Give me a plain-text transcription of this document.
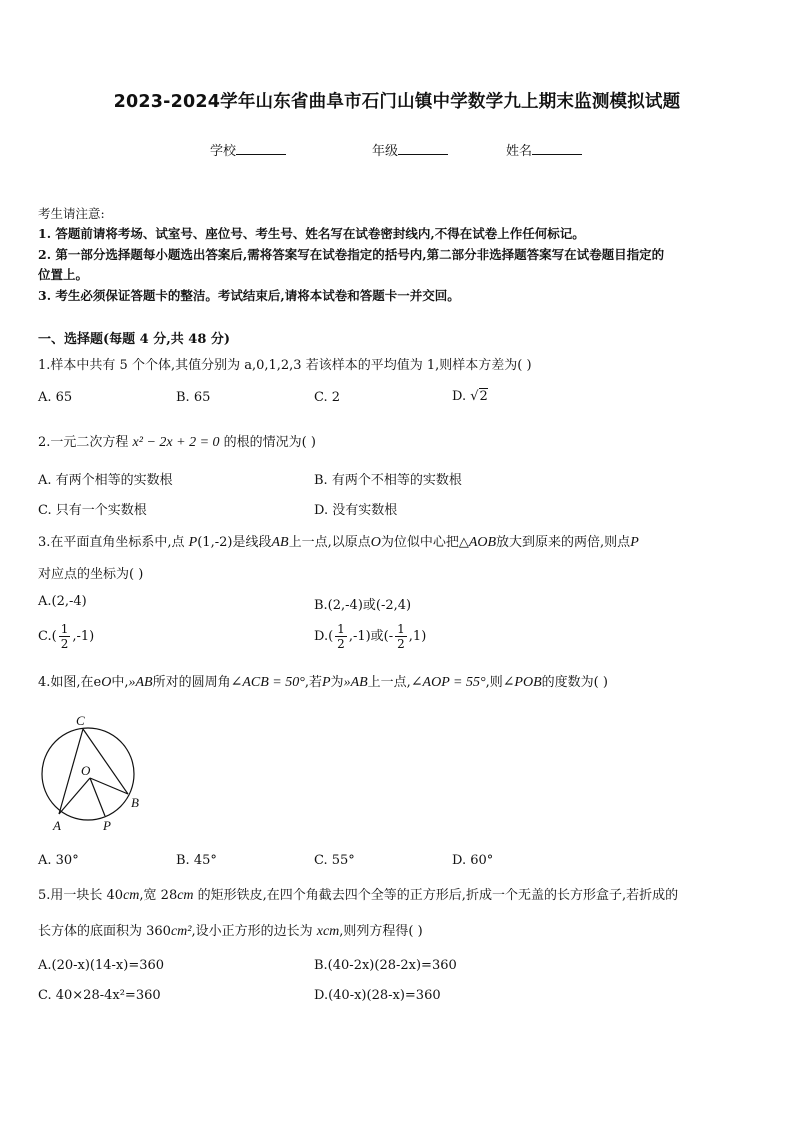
2023-2024学年山东省曲阜市石门山镇中学数学九上期末监测模拟试题
学校	年级	姓名
考生请注意:
1. 答题前请将考场、试室号、座位号、考生号、姓名写在试卷密封线内,不得在试卷上作任何标记。
2. 第一部分选择题每小题选出答案后,需将答案写在试卷指定的括号内,第二部分非选择题答案写在试卷题目指定的
位置上。
3. 考生必须保证答题卡的整洁。考试结束后,请将本试卷和答题卡一并交回。
一、选择题(每题 4 分,共 48 分)
1.样本中共有 5 个个体,其值分别为 a,0,1,2,3 若该样本的平均值为 1,则样本方差为( )
A. 65	B. 65	C. 2	D. √2
2.一元二次方程 x² − 2x + 2 = 0 的根的情况为( )
A. 有两个相等的实数根	B. 有两个不相等的实数根
C. 只有一个实数根	D. 没有实数根
3.在平面直角坐标系中,点 P(1,-2)是线段AB上一点,以原点O为位似中心把△AOB放大到原来的两倍,则点P
对应点的坐标为( )
A.(2,-4)	B.(2,-4)或(-2,4)
$C.( \frac{1}{2} ,-1)$	$D.( \frac{1}{2} ,-1)$或(- $\frac{1}{2} ,1$)
4.如图,在eO中,»AB所对的圆周角∠ACB = 50°,若P为»AB上一点,∠AOP = 55°,则∠POB的度数为( )
C
O
B
A	P
A. 30°	B. 45°	C. 55°	D. 60°
5.用一块长 40cm,宽 28cm 的矩形铁皮,在四个角截去四个全等的正方形后,折成一个无盖的长方形盒子,若折成的
长方体的底面积为 360cm²,设小正方形的边长为 xcm,则列方程得( )
A.(20-x)(14-x)=360	B.(40-2x)(28-2x)=360
C. 40×28-4x²=360	D.(40-x)(28-x)=360
